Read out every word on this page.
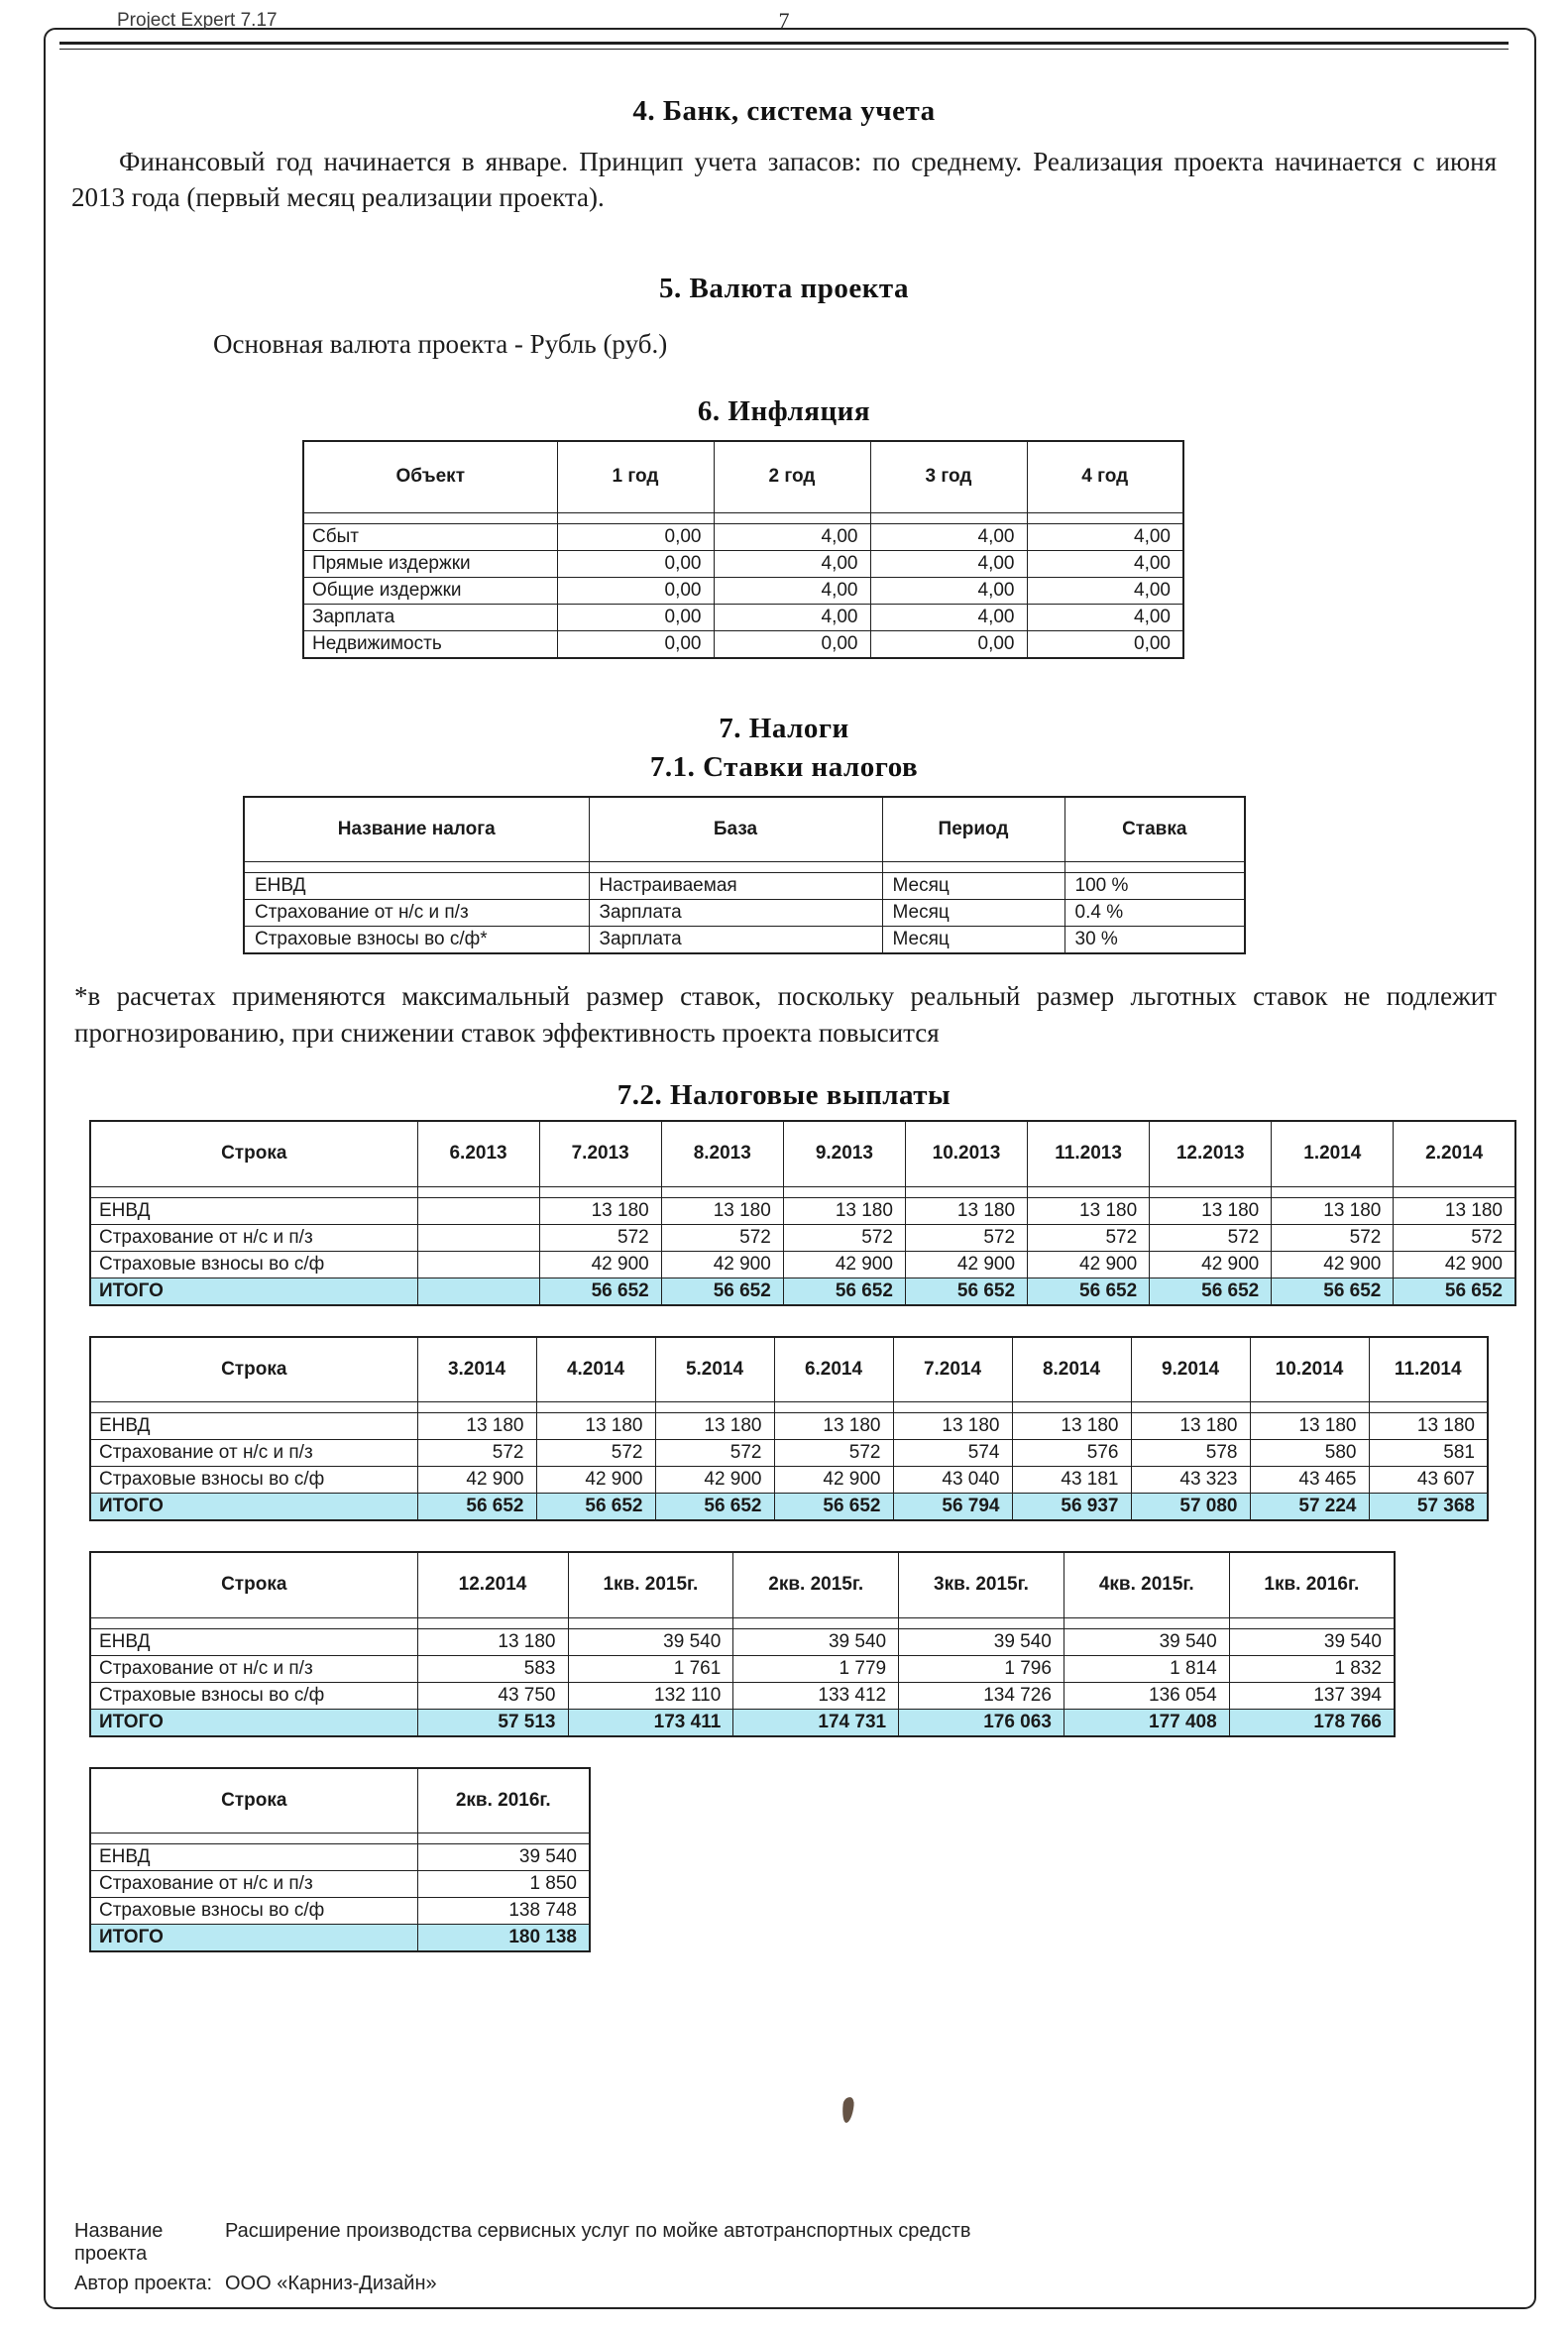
Project Expert 7.17	7
4. Банк, система учета

Финансовый год начинается в январе. Принцип учета запасов: по среднему. Реализация проекта начинается с июня 2013 года (первый месяц реализации проекта).

5. Валюта проекта

Основная валюта проекта - Рубль (руб.)

6. Инфляция
Объект	1 год	2 год	3 год	4 год

Сбыт	0,00	4,00	4,00	4,00
Прямые издержки	0,00	4,00	4,00	4,00
Общие издержки	0,00	4,00	4,00	4,00
Зарплата	0,00	4,00	4,00	4,00
Недвижимость	0,00	0,00	0,00	0,00
7. Налоги
7.1. Ставки налогов
Название налога	База	Период	Ставка

ЕНВД	Настраиваемая	Месяц	100 %
Страхование от н/с и п/з	Зарплата	Месяц	0.4 %
Страховые взносы во с/ф*	Зарплата	Месяц	30 %

*в расчетах применяются максимальный размер ставок, поскольку реальный размер льготных ставок не подлежит прогнозированию, при снижении ставок эффективность проекта повысится

7.2. Налоговые выплаты
Строка	6.2013	7.2013	8.2013	9.2013	10.2013	11.2013	12.2013	1.2014	2.2014

ЕНВД		13 180	13 180	13 180	13 180	13 180	13 180	13 180	13 180
Страхование от н/с и п/з		572	572	572	572	572	572	572	572
Страховые взносы во с/ф		42 900	42 900	42 900	42 900	42 900	42 900	42 900	42 900
ИТОГО		56 652	56 652	56 652	56 652	56 652	56 652	56 652	56 652
Строка	3.2014	4.2014	5.2014	6.2014	7.2014	8.2014	9.2014	10.2014	11.2014

ЕНВД	13 180	13 180	13 180	13 180	13 180	13 180	13 180	13 180	13 180
Страхование от н/с и п/з	572	572	572	572	574	576	578	580	581
Страховые взносы во с/ф	42 900	42 900	42 900	42 900	43 040	43 181	43 323	43 465	43 607
ИТОГО	56 652	56 652	56 652	56 652	56 794	56 937	57 080	57 224	57 368
Строка	12.2014	1кв. 2015г.	2кв. 2015г.	3кв. 2015г.	4кв. 2015г.	1кв. 2016г.

ЕНВД	13 180	39 540	39 540	39 540	39 540	39 540
Страхование от н/с и п/з	583	1 761	1 779	1 796	1 814	1 832
Страховые взносы во с/ф	43 750	132 110	133 412	134 726	136 054	137 394
ИТОГО	57 513	173 411	174 731	176 063	177 408	178 766
Строка	2кв. 2016г.

ЕНВД	39 540
Страхование от н/с и п/з	1 850
Страховые взносы во с/ф	138 748
ИТОГО	180 138
Название проекта
Расширение производства сервисных услуг по мойке автотранспортных средств
Автор проекта: ООО «Карниз-Дизайн»
